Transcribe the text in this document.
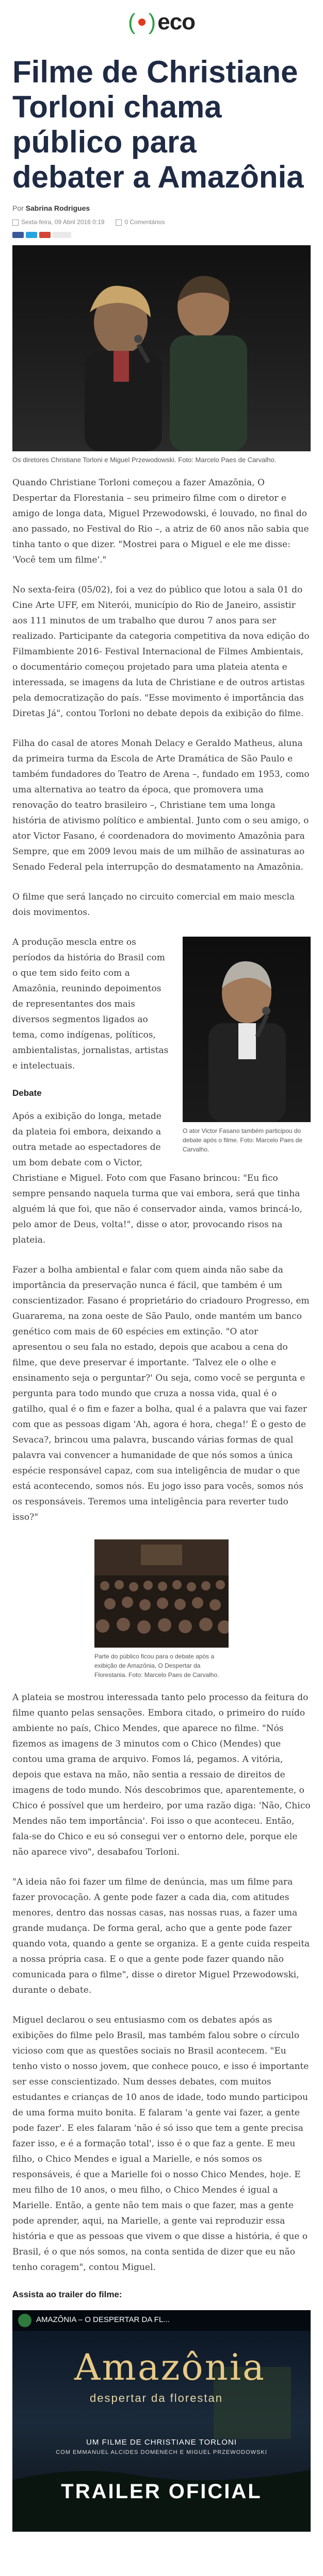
( ) eco
Filme de Christiane Torloni chama público para debater a Amazônia
Por Sabrina Rodrigues
Sexta-feira, 09 Abril 2016 0:19	0 Comentários
Os diretores Christiane Torloni e Miguel Przewodowski. Foto: Marcelo Paes de Carvalho.

Quando Christiane Torloni começou a fazer Amazônia, O Despertar da Florestania – seu primeiro filme com o diretor e amigo de longa data, Miguel Przewodowski, é louvado, no final do ano passado, no Festival do Rio –, a atriz de 60 anos não sabia que tinha tanto o que dizer. "Mostrei para o Miguel e ele me disse: 'Você tem um filme'."

No sexta-feira (05/02), foi a vez do público que lotou a sala 01 do Cine Arte UFF, em Niterói, município do Rio de Janeiro, assistir aos 111 minutos de um trabalho que durou 7 anos para ser realizado. Participante da categoria competitiva da nova edição do Filmambiente 2016- Festival Internacional de Filmes Ambientais, o documentário começou projetado para uma plateia atenta e interessada, se imagens da luta de Christiane e de outros artistas pela democratização do país. "Esse movimento é importância das Diretas Já", contou Torloni no debate depois da exibição do filme.

Filha do casal de atores Monah Delacy e Geraldo Matheus, aluna da primeira turma da Escola de Arte Dramática de São Paulo e também fundadores do Teatro de Arena –, fundado em 1953, como uma alternativa ao teatro da época, que promovera uma renovação do teatro brasileiro –, Christiane tem uma longa história de ativismo político e ambiental. Junto com o seu amigo, o ator Victor Fasano, é coordenadora do movimento Amazônia para Sempre, que em 2009 levou mais de um milhão de assinaturas ao Senado Federal pela interrupção do desmatamento na Amazônia.

O filme que será lançado no circuito comercial em maio mescla dois movimentos.

O ator Victor Fasano também participou do debate após o filme. Foto: Marcelo Paes de Carvalho.

A produção mescla entre os períodos da história do Brasil com o que tem sido feito com a Amazônia, reunindo depoimentos de representantes dos mais diversos segmentos ligados ao tema, como indígenas, políticos, ambientalistas, jornalistas, artistas e intelectuais.

Debate

Após a exibição do longa, metade da plateia foi embora, deixando a outra metade ao espectadores de um bom debate com o Victor, Christiane e Miguel. Foto com que Fasano brincou: "Eu fico sempre pensando naquela turma que vai embora, será que tinha alguém lá que foi, que não é conservador ainda, vamos brincá-lo, pelo amor de Deus, volta!", disse o ator, provocando risos na plateia.

Fazer a bolha ambiental e falar com quem ainda não sabe da importância da preservação nunca é fácil, que também é um conscientizador. Fasano é proprietário do criadouro Progresso, em Guararema, na zona oeste de São Paulo, onde mantém um banco genético com mais de 60 espécies em extinção. "O ator apresentou o seu fala no estado, depois que acabou a cena do filme, que deve preservar é importante. 'Talvez ele o olhe e ensinamento seja o perguntar?' Ou seja, como você se pergunta e pergunta para todo mundo que cruza a nossa vida, qual é o gatilho, qual é o fim e fazer a bolha, qual é a palavra que vai fazer com que as pessoas digam 'Ah, agora é hora, chega!' É o gesto de Sevaca?, brincou uma palavra, buscando várias formas de qual palavra vai convencer a humanidade de que nós somos a única espécie responsável capaz, com sua inteligência de mudar o que está acontecendo, somos nós. Eu jogo isso para vocês, somos nós os responsáveis. Teremos uma inteligência para reverter tudo isso?"

Parte do público ficou para o debate após a exibição de Amazônia, O Despertar da Florestania. Foto: Marcelo Paes de Carvalho.

A plateia se mostrou interessada tanto pelo processo da feitura do filme quanto pelas sensações. Embora citado, o primeiro do ruído ambiente no país, Chico Mendes, que aparece no filme. "Nós fizemos as imagens de 3 minutos com o Chico (Mendes) que contou uma grama de arquivo. Fomos lá, pegamos. A vitória, depois que estava na mão, não sentia a ressaio de direitos de imagens de todo mundo. Nós descobrimos que, aparentemente, o Chico é possível que um herdeiro, por uma razão diga: 'Não, Chico Mendes não tem importância'. Foi isso o que aconteceu. Então, fala-se do Chico e eu só consegui ver o entorno dele, porque ele não aparece vivo", desabafou Torloni.

"A ideia não foi fazer um filme de denúncia, mas um filme para fazer provocação. A gente pode fazer a cada dia, com atitudes menores, dentro das nossas casas, nas nossas ruas, a fazer uma grande mudança. De forma geral, acho que a gente pode fazer quando vota, quando a gente se organiza. E a gente cuida respeita a nossa própria casa. E o que a gente pode fazer quando não comunicada para o filme", disse o diretor Miguel Przewodowski, durante o debate.

Miguel declarou o seu entusiasmo com os debates após as exibições do filme pelo Brasil, mas também falou sobre o círculo vicioso com que as questões sociais no Brasil acontecem. "Eu tenho visto o nosso jovem, que conhece pouco, e isso é importante ser esse conscientizado. Num desses debates, com muitos estudantes e crianças de 10 anos de idade, todo mundo participou de uma forma muito bonita. E falaram 'a gente vai fazer, a gente pode fazer'. E eles falaram 'não é só isso que tem a gente precisa fazer isso, e é a formação total', isso é o que faz a gente. E meu filho, o Chico Mendes e igual a Marielle, e nós somos os responsáveis, é que a Marielle foi o nosso Chico Mendes, hoje. E meu filho de 10 anos, o meu filho, o Chico Mendes é igual a Marielle. Então, a gente não tem mais o que fazer, mas a gente pode aprender, aqui, na Marielle, a gente vai reproduzir essa história e que as pessoas que vivem o que disse a história, é que o Brasil, é o que nós somos, na conta sentida de dizer que eu não tenho coragem", contou Miguel.

Assista ao trailer do filme:
AMAZÔNIA – O DESPERTAR DA FL...
Amazônia
despertar da florestan
UM FILME DE CHRISTIANE TORLONI
COM EMMANUEL ALCIDES DOMENECH E MIGUEL PRZEWODOWSKI
TRAILER OFICIAL
